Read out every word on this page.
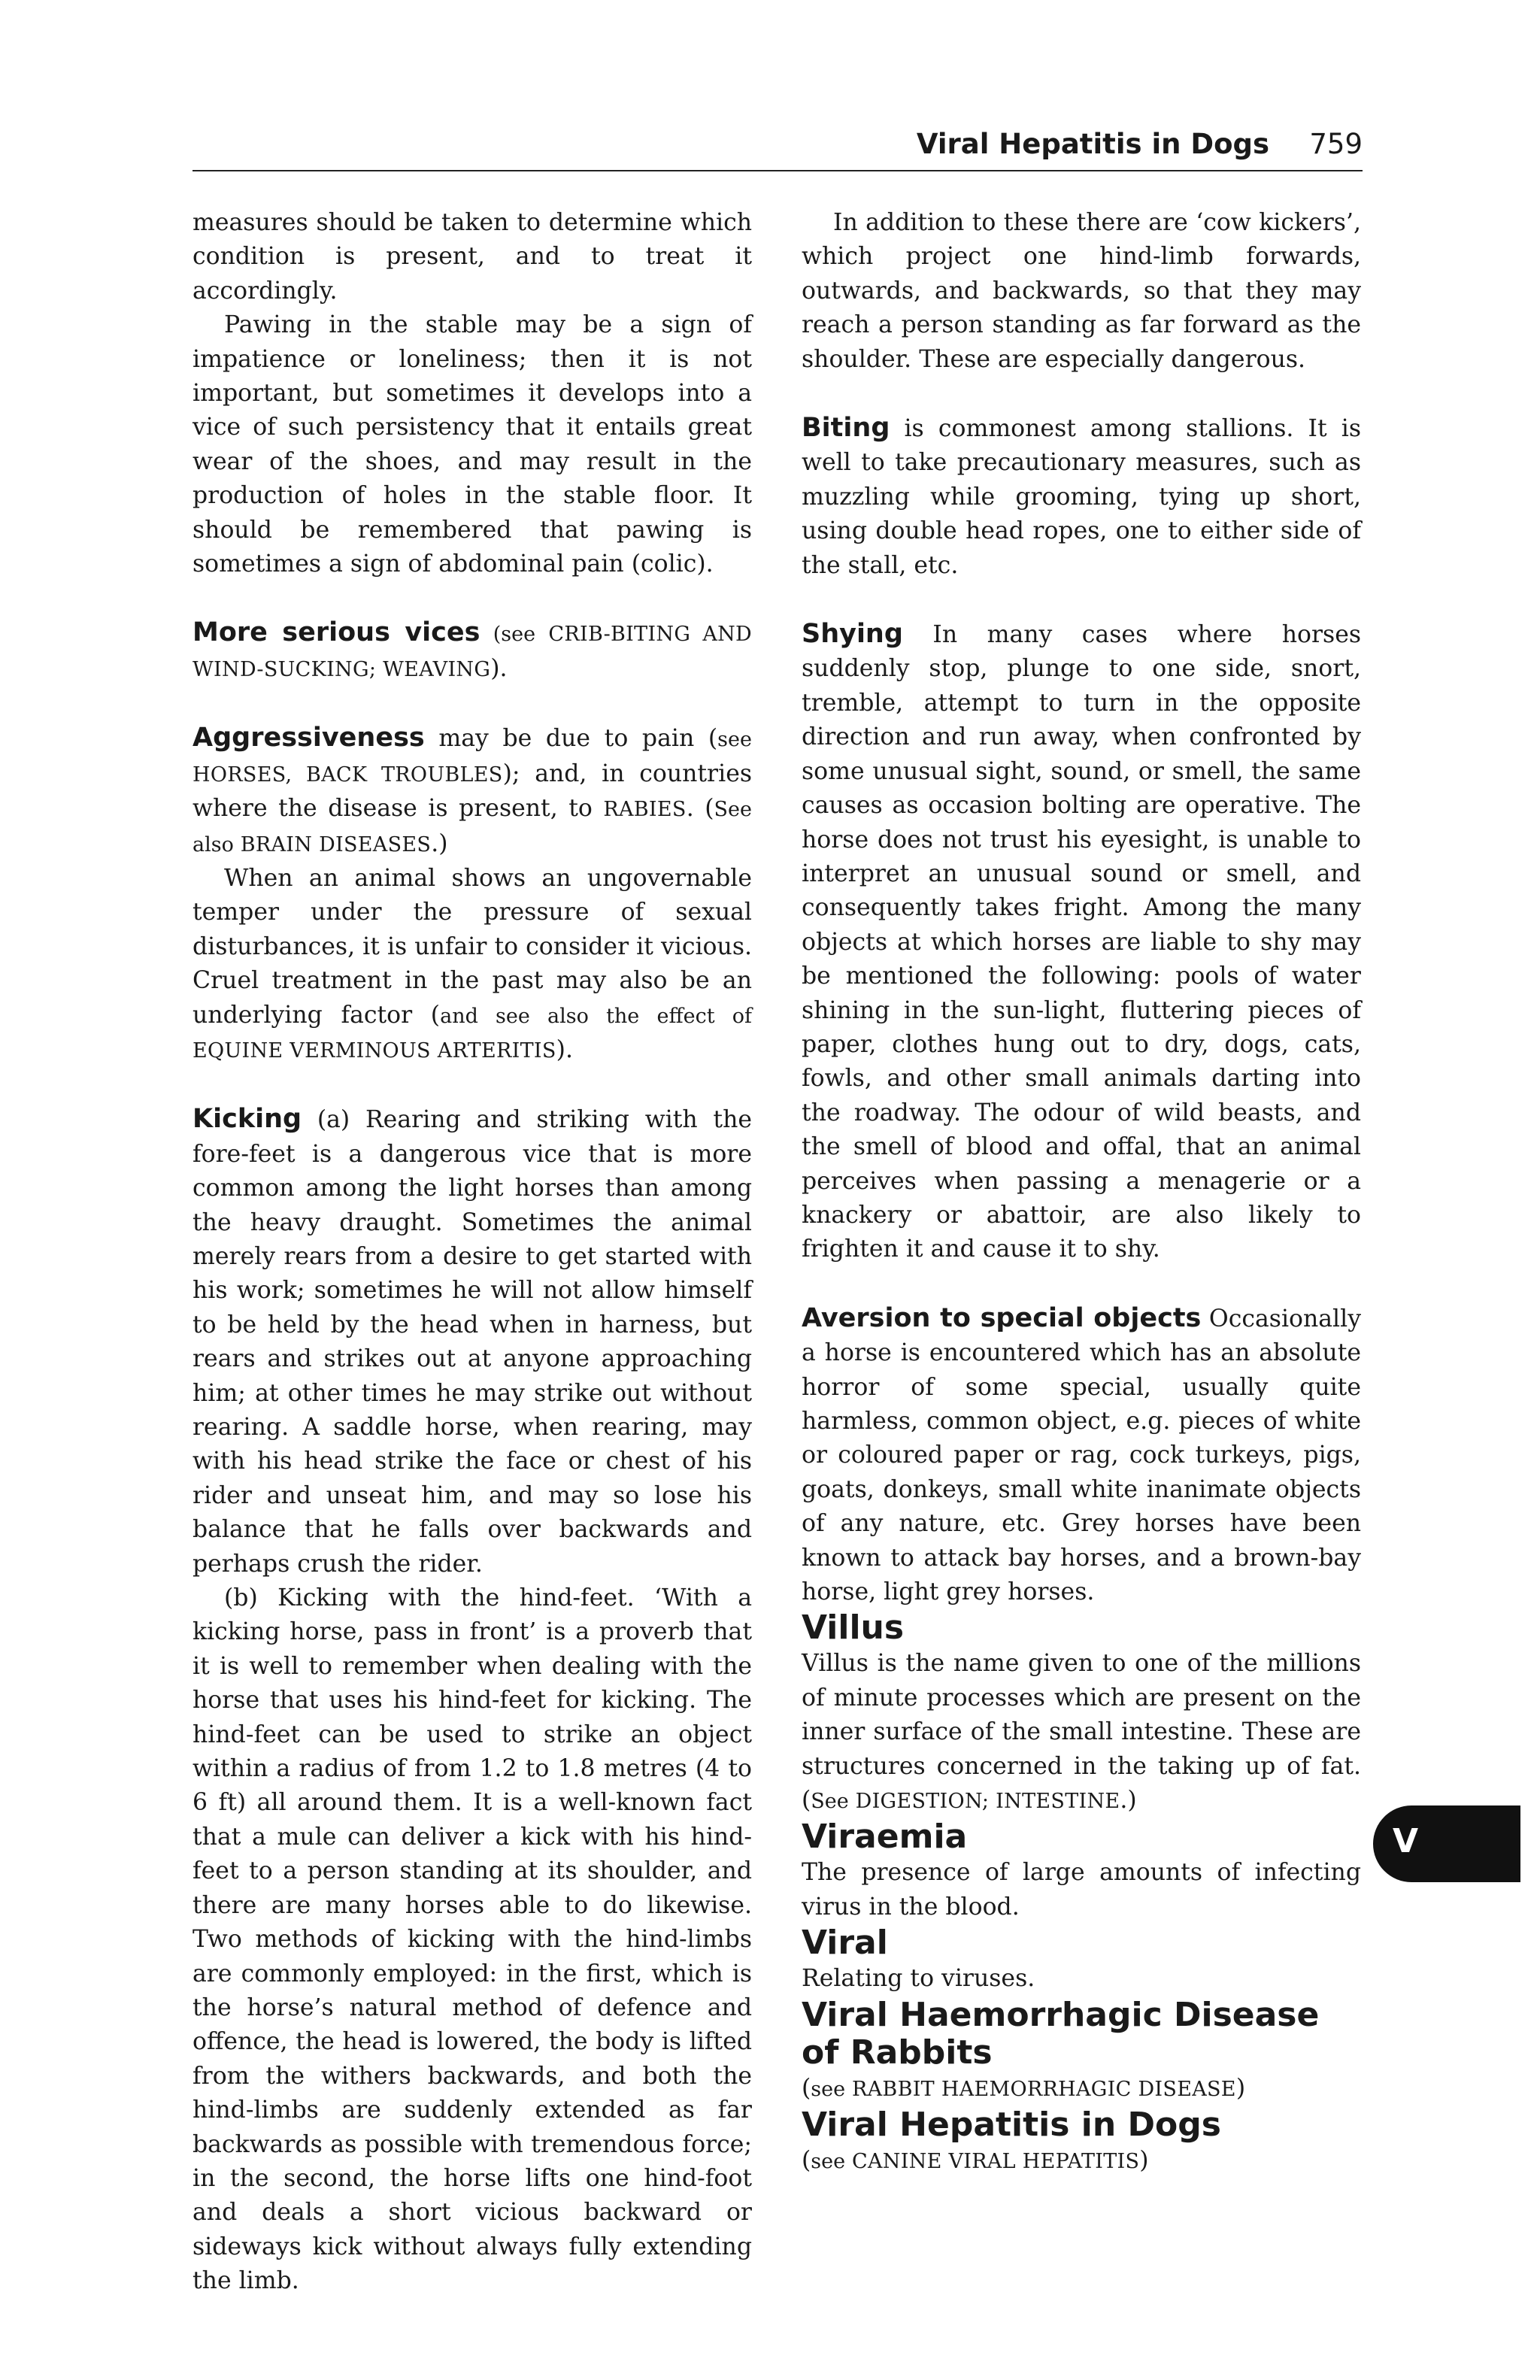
Viral Hepatitis in Dogs 759

measures should be taken to determine which condition is present, and to treat it accordingly.

Pawing in the stable may be a sign of impatience or loneliness; then it is not important, but sometimes it develops into a vice of such persistency that it entails great wear of the shoes, and may result in the production of holes in the stable floor. It should be remembered that pawing is sometimes a sign of abdominal pain (colic).

More serious vices (see CRIB-BITING AND WIND-SUCKING; WEAVING).

Aggressiveness may be due to pain (see HORSES, BACK TROUBLES); and, in countries where the disease is present, to RABIES. (See also BRAIN DISEASES.)

When an animal shows an ungovernable temper under the pressure of sexual disturbances, it is unfair to consider it vicious. Cruel treatment in the past may also be an underlying factor (and see also the effect of EQUINE VERMINOUS ARTERITIS).

Kicking (a) Rearing and striking with the fore-feet is a dangerous vice that is more common among the light horses than among the heavy draught. Sometimes the animal merely rears from a desire to get started with his work; sometimes he will not allow himself to be held by the head when in harness, but rears and strikes out at anyone approaching him; at other times he may strike out without rearing. A saddle horse, when rearing, may with his head strike the face or chest of his rider and unseat him, and may so lose his balance that he falls over backwards and perhaps crush the rider.

(b) Kicking with the hind-feet. ‘With a kicking horse, pass in front’ is a proverb that it is well to remember when dealing with the horse that uses his hind-feet for kicking. The hind-feet can be used to strike an object within a radius of from 1.2 to 1.8 metres (4 to 6 ft) all around them. It is a well-known fact that a mule can deliver a kick with his hind-feet to a person standing at its shoulder, and there are many horses able to do likewise. Two methods of kicking with the hind-limbs are commonly employed: in the first, which is the horse’s natural method of defence and offence, the head is lowered, the body is lifted from the withers backwards, and both the hind-limbs are suddenly extended as far backwards as possible with tremendous force; in the second, the horse lifts one hind-foot and deals a short vicious backward or sideways kick without always fully extending the limb.

In addition to these there are ‘cow kickers’, which project one hind-limb forwards, outwards, and backwards, so that they may reach a person standing as far forward as the shoulder. These are especially dangerous.

Biting is commonest among stallions. It is well to take precautionary measures, such as muzzling while grooming, tying up short, using double head ropes, one to either side of the stall, etc.

Shying In many cases where horses suddenly stop, plunge to one side, snort, tremble, attempt to turn in the opposite direction and run away, when confronted by some unusual sight, sound, or smell, the same causes as occasion bolting are operative. The horse does not trust his eyesight, is unable to interpret an unusual sound or smell, and consequently takes fright. Among the many objects at which horses are liable to shy may be mentioned the following: pools of water shining in the sun-light, fluttering pieces of paper, clothes hung out to dry, dogs, cats, fowls, and other small animals darting into the roadway. The odour of wild beasts, and the smell of blood and offal, that an animal perceives when passing a menagerie or a knackery or abattoir, are also likely to frighten it and cause it to shy.

Aversion to special objects Occasionally a horse is encountered which has an absolute horror of some special, usually quite harmless, common object, e.g. pieces of white or coloured paper or rag, cock turkeys, pigs, goats, donkeys, small white inanimate objects of any nature, etc. Grey horses have been known to attack bay horses, and a brown-bay horse, light grey horses.

Villus

Villus is the name given to one of the millions of minute processes which are present on the inner surface of the small intestine. These are structures concerned in the taking up of fat. (See DIGESTION; INTESTINE.)

Viraemia

The presence of large amounts of infecting virus in the blood.

Viral

Relating to viruses.

Viral Haemorrhagic Disease of Rabbits

(see RABBIT HAEMORRHAGIC DISEASE)

Viral Hepatitis in Dogs

(see CANINE VIRAL HEPATITIS)

V
